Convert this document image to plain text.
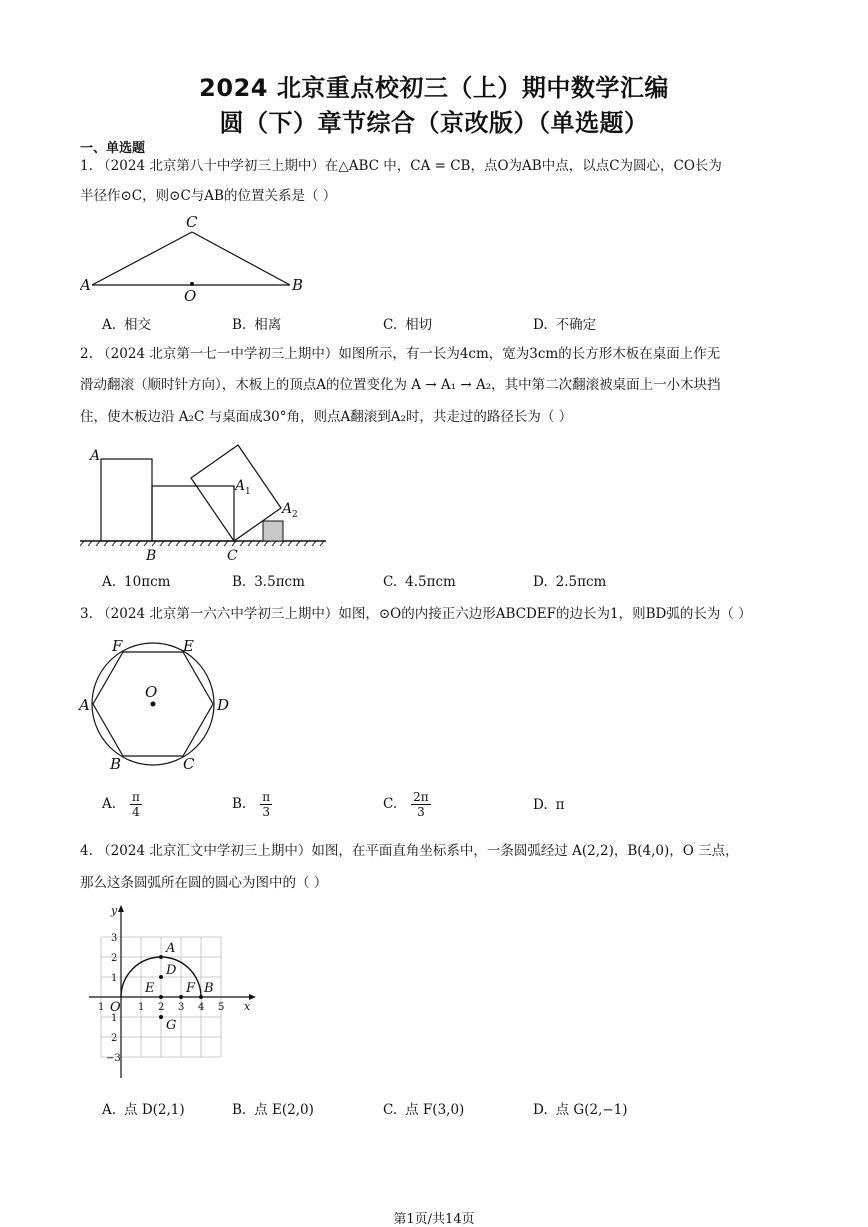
2024 北京重点校初三（上）期中数学汇编
圆（下）章节综合（京改版）（单选题）
一、单选题
1. （2024 北京第八十中学初三上期中）在△ABC 中，CA = CB，点O为AB中点，以点C为圆心，CO长为
半径作⊙C，则⊙C与AB的位置关系是（ ）
C
A
O
B
A. 相交	B. 相离	C. 相切	D. 不确定
2. （2024 北京第一七一中学初三上期中）如图所示，有一长为4cm，宽为3cm的长方形木板在桌面上作无
滑动翻滚（顺时针方向），木板上的顶点A的位置变化为 A → A₁ → A₂，其中第二次翻滚被桌面上一小木块挡
住，使木板边沿 A₂C 与桌面成30°角，则点A翻滚到A₂时，共走过的路径长为（ ）
A
A 1
A 2
B	C
A. 10πcm	B. 3.5πcm	C. 4.5πcm	D. 2.5πcm
3. （2024 北京第一六六中学初三上期中）如图，⊙O的内接正六边形ABCDEF的边长为1，则BD弧的长为（ ）
F	E
O
A	D
B	C
A. $\frac{\pi}{4}$	B. $\frac{\pi}{3}$	C. $\frac{2\pi}{3}$	D. π
4. （2024 北京汇文中学初三上期中）如图，在平面直角坐标系中，一条圆弧经过 A(2,2)，B(4,0)，O 三点，
那么这条圆弧所在圆的圆心为图中的（ ）
y
x
O
A
D
E F B
G
1	1 2 3 4 5
3
2
1
1
2
−3
A. 点 D(2,1)	B. 点 E(2,0)	C. 点 F(3,0)	D. 点 G(2,−1)
第1页/共14页
